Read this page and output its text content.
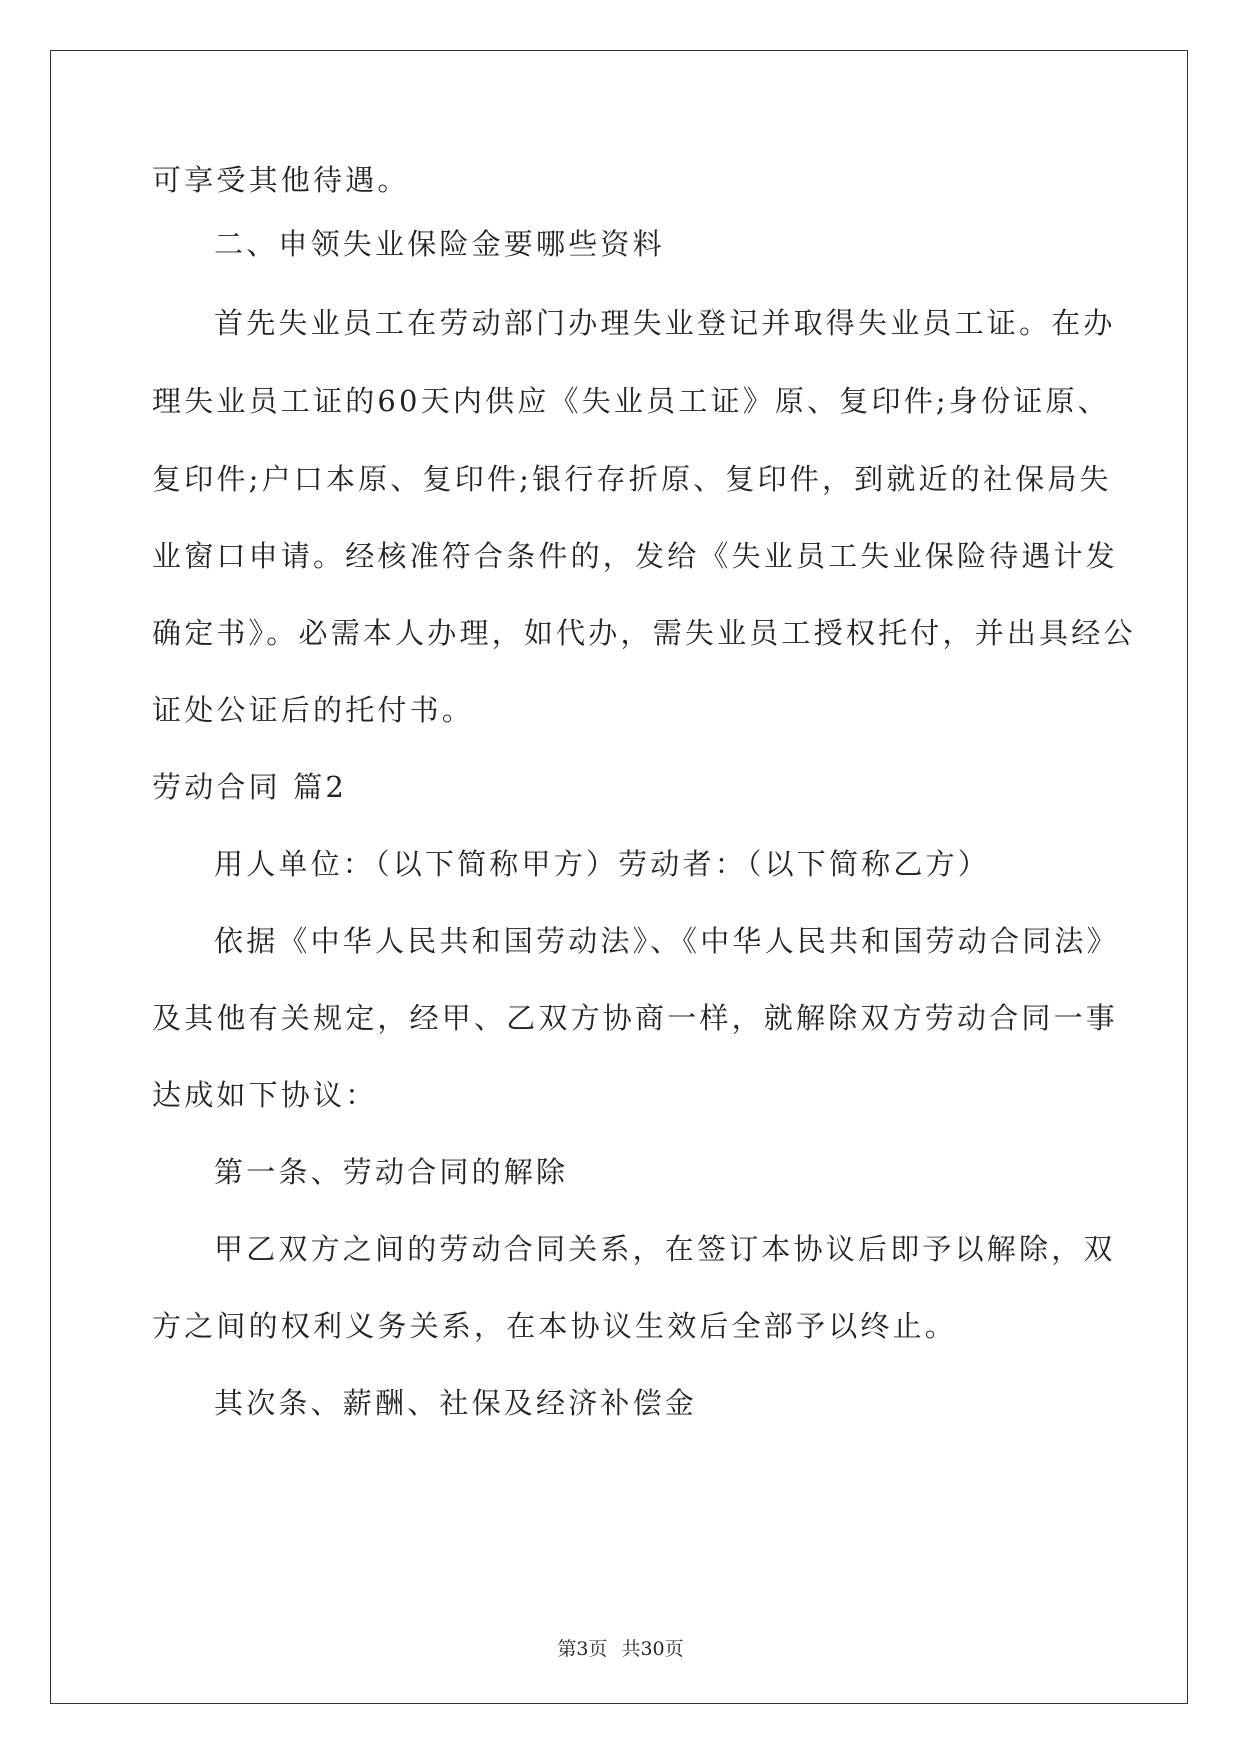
可享受其他待遇。
二、申领失业保险金要哪些资料
首先失业员工在劳动部门办理失业登记并取得失业员工证。在办
理失业员工证的60天内供应《失业员工证》原、复印件;身份证原、
复印件;户口本原、复印件;银行存折原、复印件，到就近的社保局失
业窗口申请。经核准符合条件的，发给《失业员工失业保险待遇计发
确定书》。必需本人办理，如代办，需失业员工授权托付，并出具经公
证处公证后的托付书。
劳动合同 篇2
用人单位：（以下简称甲方）劳动者：（以下简称乙方）
依据《中华人民共和国劳动法》、《中华人民共和国劳动合同法》
及其他有关规定，经甲、乙双方协商一样，就解除双方劳动合同一事
达成如下协议：
第一条、劳动合同的解除
甲乙双方之间的劳动合同关系，在签订本协议后即予以解除，双
方之间的权利义务关系，在本协议生效后全部予以终止。
其次条、薪酬、社保及经济补偿金
第3页 共30页
